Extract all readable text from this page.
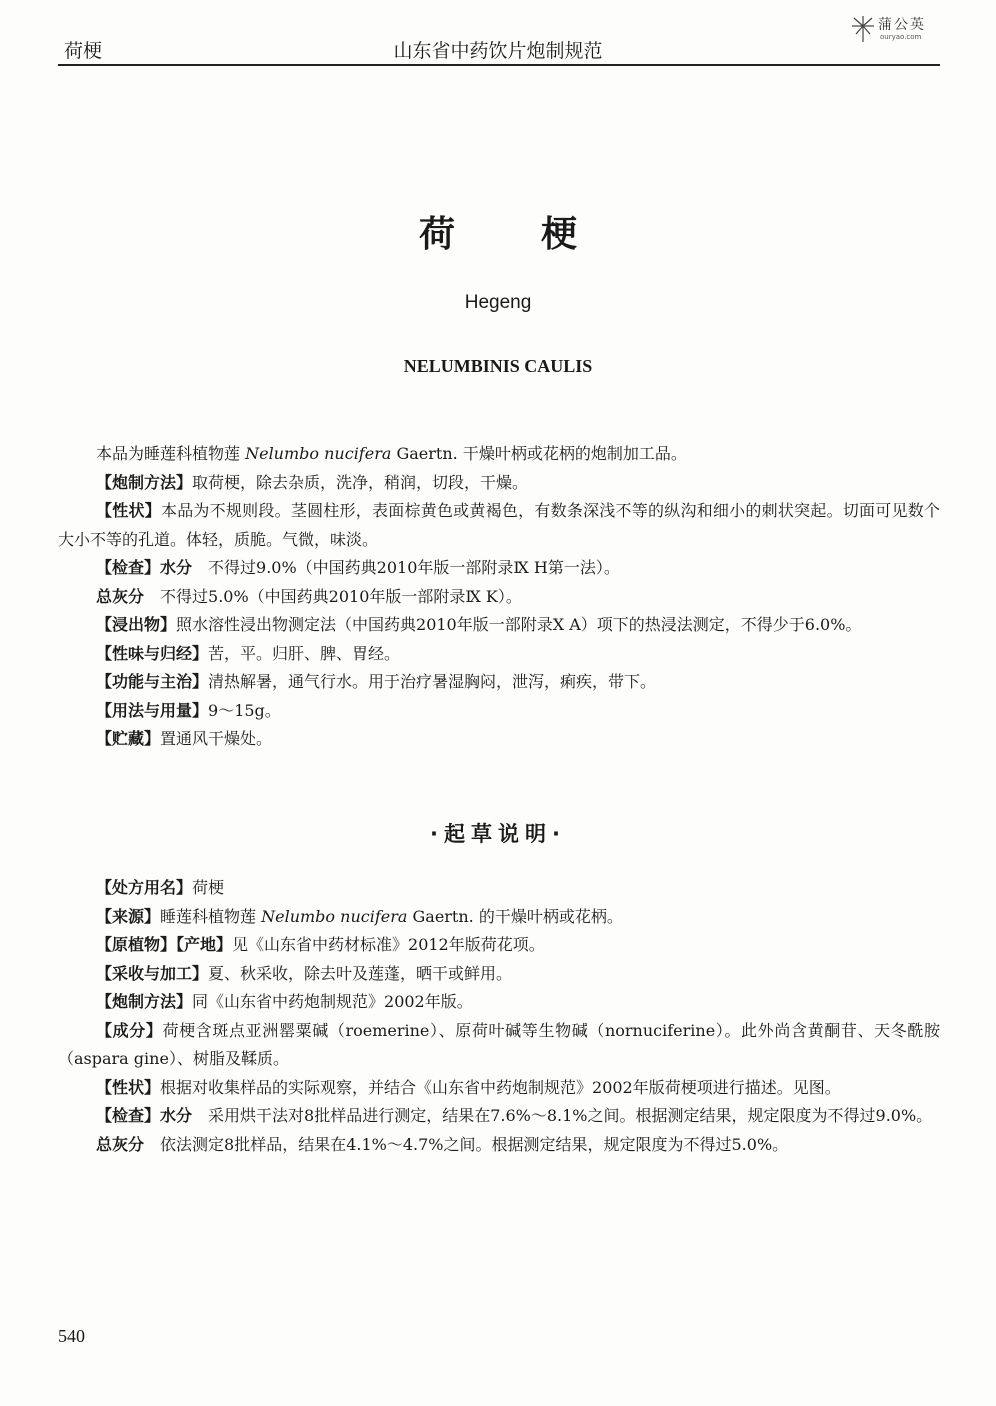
荷梗	山东省中药饮片炮制规范
蒲公英
ouryao.com
荷梗
Hegeng
NELUMBINIS CAULIS

本品为睡莲科植物莲 Nelumbo nucifera Gaertn. 干燥叶柄或花柄的炮制加工品。

【炮制方法】取荷梗，除去杂质，洗净，稍润，切段，干燥。

【性状】本品为不规则段。茎圆柱形，表面棕黄色或黄褐色，有数条深浅不等的纵沟和细小的刺状突起。切面可见数个大小不等的孔道。体轻，质脆。气微，味淡。

【检查】水分　不得过9.0%（中国药典2010年版一部附录Ⅸ H第一法）。

总灰分　不得过5.0%（中国药典2010年版一部附录Ⅸ K）。

【浸出物】照水溶性浸出物测定法（中国药典2010年版一部附录Ⅹ A）项下的热浸法测定，不得少于6.0%。

【性味与归经】苦，平。归肝、脾、胃经。

【功能与主治】清热解暑，通气行水。用于治疗暑湿胸闷，泄泻，痢疾，带下。

【用法与用量】9～15g。

【贮藏】置通风干燥处。

·起草说明·

【处方用名】荷梗

【来源】睡莲科植物莲 Nelumbo nucifera Gaertn. 的干燥叶柄或花柄。

【原植物】【产地】见《山东省中药材标准》2012年版荷花项。

【采收与加工】夏、秋采收，除去叶及莲蓬，晒干或鲜用。

【炮制方法】同《山东省中药炮制规范》2002年版。

【成分】荷梗含斑点亚洲罂粟碱（roemerine）、原荷叶碱等生物碱（nornuciferine）。此外尚含黄酮苷、天冬酰胺（aspara gine）、树脂及鞣质。

【性状】根据对收集样品的实际观察，并结合《山东省中药炮制规范》2002年版荷梗项进行描述。见图。

【检查】水分　采用烘干法对8批样品进行测定，结果在7.6%～8.1%之间。根据测定结果，规定限度为不得过9.0%。

总灰分　依法测定8批样品，结果在4.1%～4.7%之间。根据测定结果，规定限度为不得过5.0%。

540
